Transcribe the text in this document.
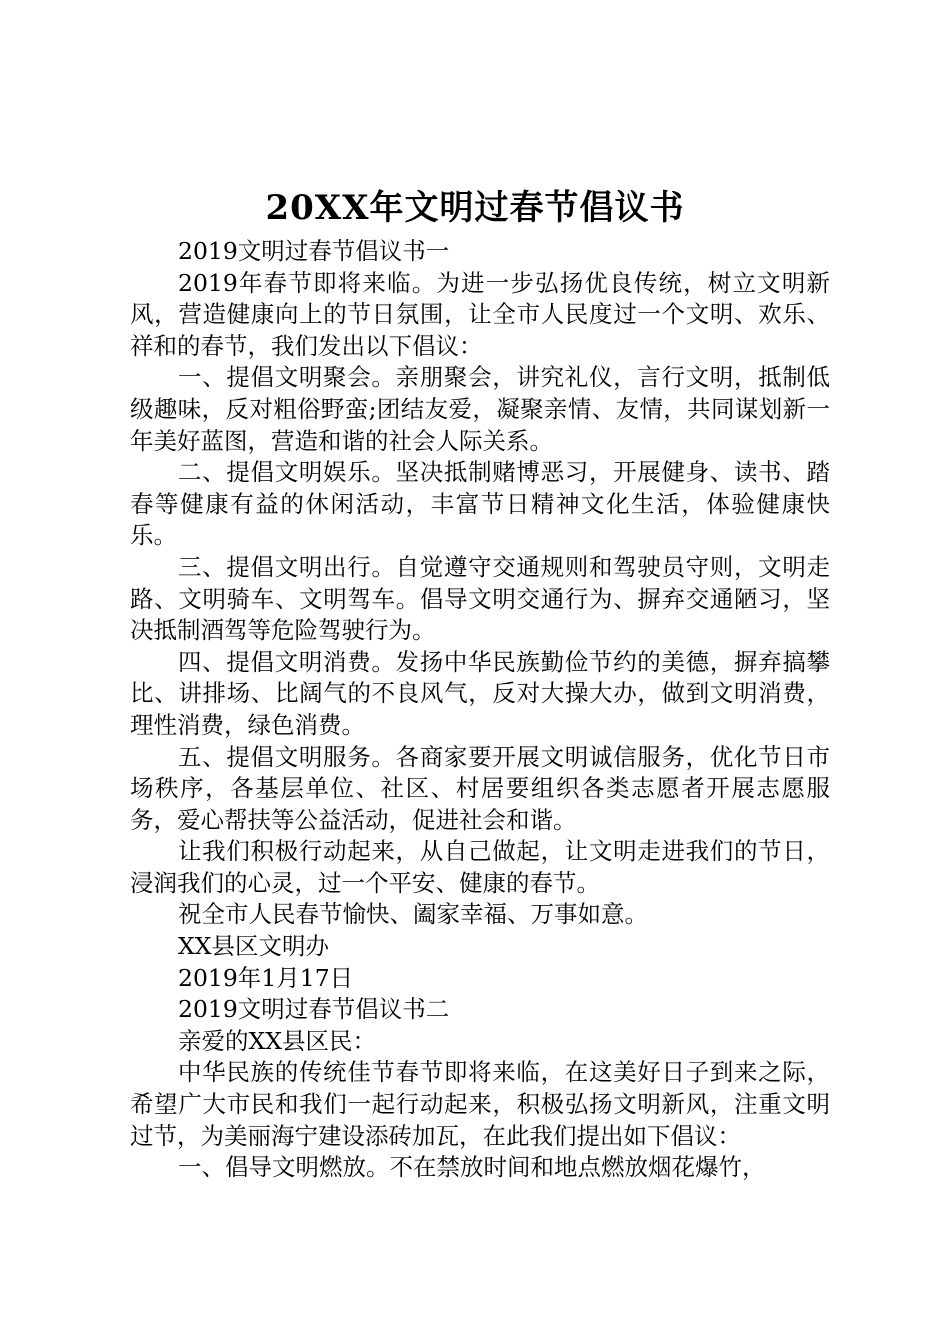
20XX年文明过春节倡议书

2019文明过春节倡议书一

2019年春节即将来临。为进一步弘扬优良传统，树立文明新风，营造健康向上的节日氛围，让全市人民度过一个文明、欢乐、祥和的春节，我们发出以下倡议：

一、提倡文明聚会。亲朋聚会，讲究礼仪，言行文明，抵制低级趣味，反对粗俗野蛮;团结友爱，凝聚亲情、友情，共同谋划新一年美好蓝图，营造和谐的社会人际关系。

二、提倡文明娱乐。坚决抵制赌博恶习，开展健身、读书、踏春等健康有益的休闲活动，丰富节日精神文化生活，体验健康快乐。

三、提倡文明出行。自觉遵守交通规则和驾驶员守则，文明走路、文明骑车、文明驾车。倡导文明交通行为、摒弃交通陋习，坚决抵制酒驾等危险驾驶行为。

四、提倡文明消费。发扬中华民族勤俭节约的美德，摒弃搞攀比、讲排场、比阔气的不良风气，反对大操大办，做到文明消费，理性消费，绿色消费。

五、提倡文明服务。各商家要开展文明诚信服务，优化节日市场秩序，各基层单位、社区、村居要组织各类志愿者开展志愿服务，爱心帮扶等公益活动，促进社会和谐。

让我们积极行动起来，从自己做起，让文明走进我们的节日，浸润我们的心灵，过一个平安、健康的春节。

祝全市人民春节愉快、阖家幸福、万事如意。

XX县区文明办

2019年1月17日

2019文明过春节倡议书二

亲爱的XX县区民：

中华民族的传统佳节春节即将来临，在这美好日子到来之际，希望广大市民和我们一起行动起来，积极弘扬文明新风，注重文明过节，为美丽海宁建设添砖加瓦，在此我们提出如下倡议：

一、倡导文明燃放。不在禁放时间和地点燃放烟花爆竹，
